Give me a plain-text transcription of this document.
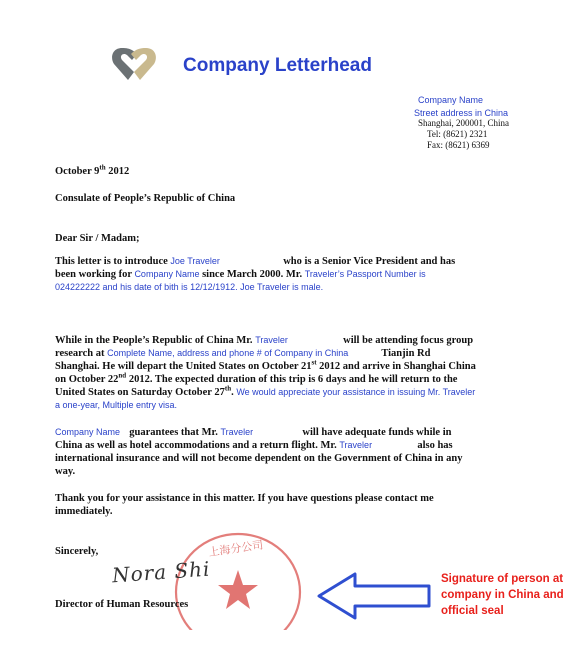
Company Letterhead
Company Name
Street address in China
Shanghai, 200001, China
Tel: (8621) 2321
Fax: (8621) 6369
October 9th 2012
Consulate of People’s Republic of China
Dear Sir / Madam;
This letter is to introduce Joe Traveler	who is a Senior Vice President and has
been working for Company Name since March 2000. Mr. Traveler’s Passport Number is
024222222 and his date of bith is 12/12/1912. Joe Traveler is male.
While in the People’s Republic of China Mr. Traveler	will be attending focus group
research at Complete Name, address and phone # of Company in China	Tianjin Rd
Shanghai. He will depart the United States on October 21st 2012 and arrive in Shanghai China
on October 22nd 2012. The expected duration of this trip is 6 days and he will return to the
United States on Saturday October 27th. We would appreciate your assistance in issuing Mr. Traveler
a one-year, Multiple entry visa.
Company Name guarantees that Mr. Traveler	will have adequate funds while in
China as well as hotel accommodations and a return flight. Mr. Traveler	also has
international insurance and will not become dependent on the Government of China in any
way.
Thank you for your assistance in this matter. If you have questions please contact me
immediately.
Sincerely,	上海分公司
Nora Shi
Director of Human Resources
Signature of person at
company in China and
official seal
